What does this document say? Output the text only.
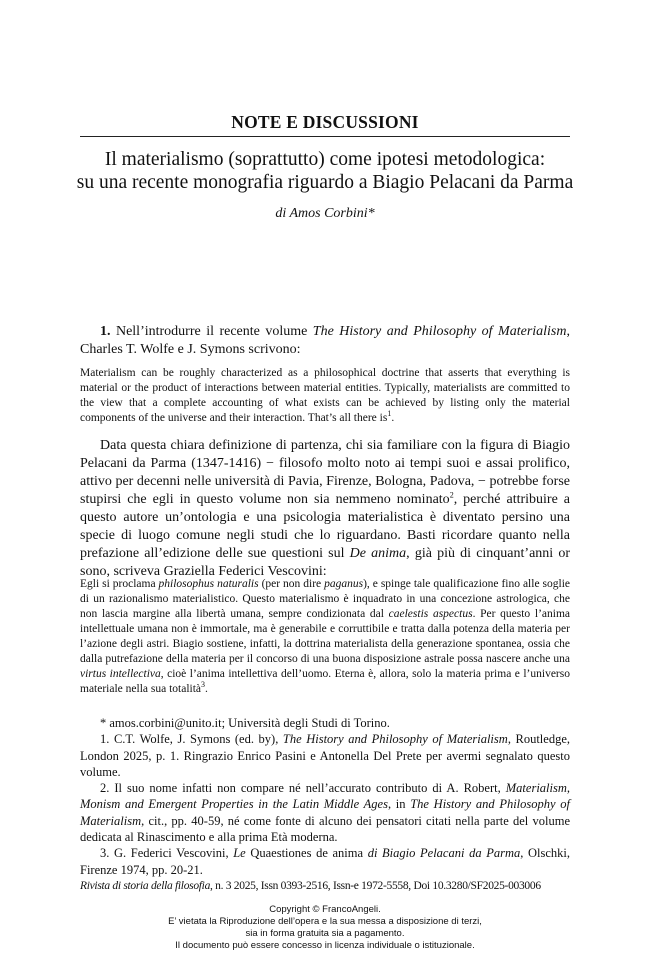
NOTE E DISCUSSIONI
Il materialismo (soprattutto) come ipotesi metodologica:
su una recente monografia riguardo a Biagio Pelacani da Parma
di Amos Corbini*
1. Nell’introdurre il recente volume The History and Philosophy of Materialism, Charles T. Wolfe e J. Symons scrivono:
Materialism can be roughly characterized as a philosophical doctrine that asserts that everything is material or the product of interactions between material entities. Typically, materialists are committed to the view that a complete accounting of what exists can be achieved by listing only the material components of the universe and their interaction. That’s all there $is^1$.
Data questa chiara definizione di partenza, chi sia familiare con la figura di Biagio Pelacani da Parma (1347-1416) − filosofo molto noto ai tempi suoi e assai prolifico, attivo per decenni nelle università di Pavia, Firenze, Bologna, Padova, − potrebbe forse stupirsi che egli in questo volume non sia nemmeno nominato$^2$, perché attribuire a questo autore un’ontologia e una psicologia materialistica è diventato persino una specie di luogo comune negli studi che lo riguardano. Basti ricordare quanto nella prefazione all’edizione delle sue questioni sul De anima, già più di cinquant’anni or sono, scriveva Graziella Federici Vescovini:
Egli si proclama philosophus naturalis (per non dire paganus), e spinge tale qualificazione fino alle soglie di un razionalismo materialistico. Questo materialismo è inquadrato in una concezione astrologica, che non lascia margine alla libertà umana, sempre condizionata dal caelestis aspectus. Per questo l’anima intellettuale umana non è immortale, ma è generabile e corruttibile e tratta dalla potenza della materia per l’azione degli astri. Biagio sostiene, infatti, la dottrina materialista della generazione spontanea, ossia che dalla putrefazione della materia per il concorso di una buona disposizione astrale possa nascere anche una virtus intellectiva, cioè l’anima intellettiva dell’uomo. Eterna è, allora, solo la materia prima e l’universo materiale nella sua totalità$^3$.

* amos.corbini@unito.it; Università degli Studi di Torino.

1. C.T. Wolfe, J. Symons (ed. by), The History and Philosophy of Materialism, Routledge, London 2025, p. 1. Ringrazio Enrico Pasini e Antonella Del Prete per avermi segnalato questo volume.

2. Il suo nome infatti non compare né nell’accurato contributo di A. Robert, Materialism, Monism and Emergent Properties in the Latin Middle Ages, in The History and Philosophy of Materialism, cit., pp. 40-59, né come fonte di alcuno dei pensatori citati nella parte del volume dedicata al Rinascimento e alla prima Età moderna.

3. G. Federici Vescovini, Le Quaestiones de anima di Biagio Pelacani da Parma, Olschki, Firenze 1974, pp. 20-21.

Rivista di storia della filosofia, n. 3 2025, Issn 0393-2516, Issn-e 1972-5558, Doi 10.3280/SF2025-003006
Copyright © FrancoAngeli.
E’ vietata la Riproduzione dell’opera e la sua messa a disposizione di terzi,
sia in forma gratuita sia a pagamento.
Il documento può essere concesso in licenza individuale o istituzionale.
